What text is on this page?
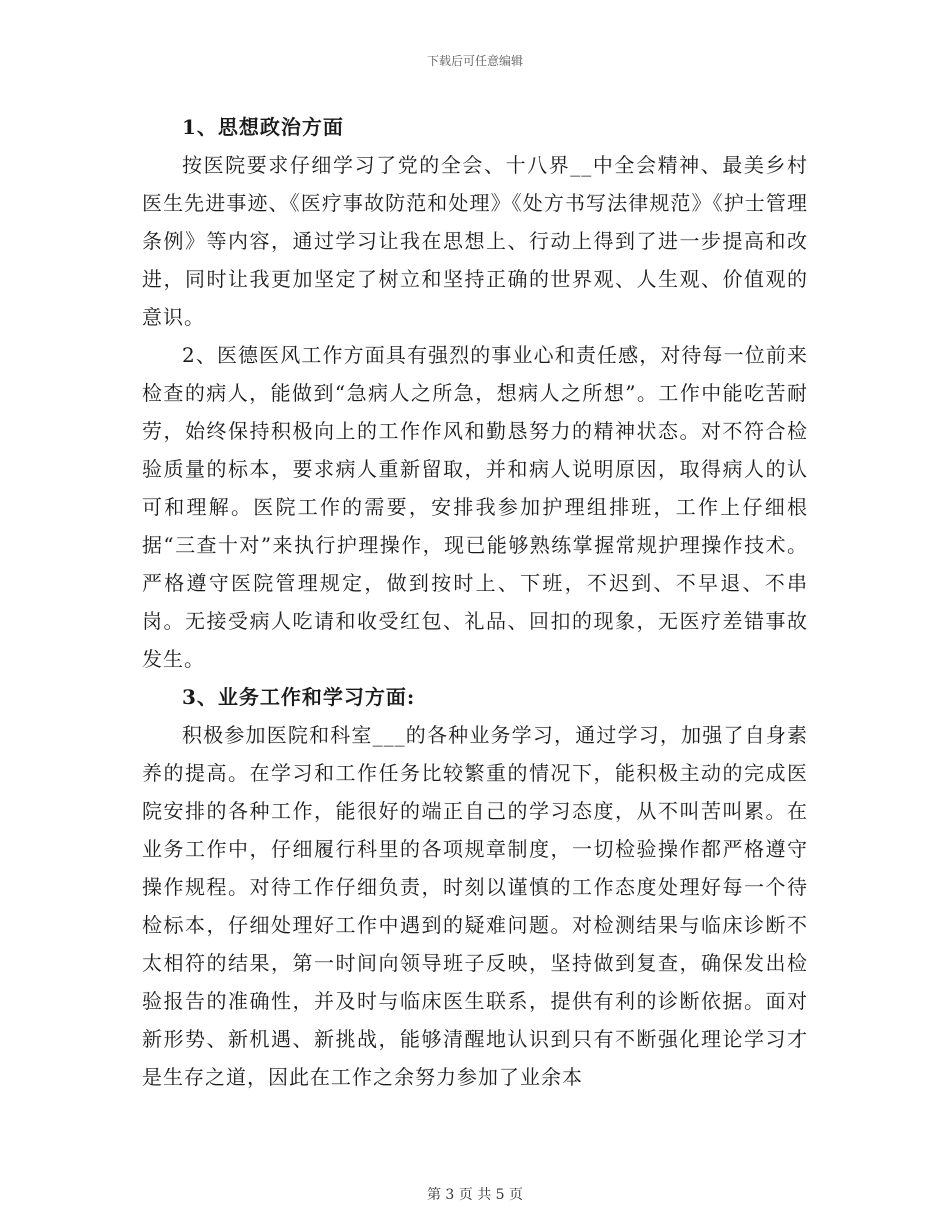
下载后可任意编辑
1、思想政治方面

按医院要求仔细学习了党的全会、十八界__中全会精神、最美乡村医生先进事迹、《医疗事故防范和处理》《处方书写法律规范》《护士管理条例》等内容，通过学习让我在思想上、行动上得到了进一步提高和改进，同时让我更加坚定了树立和坚持正确的世界观、人生观、价值观的意识。

2、医德医风工作方面具有强烈的事业心和责任感，对待每一位前来检查的病人，能做到“急病人之所急，想病人之所想”。工作中能吃苦耐劳，始终保持积极向上的工作作风和勤恳努力的精神状态。对不符合检验质量的标本，要求病人重新留取，并和病人说明原因，取得病人的认可和理解。医院工作的需要，安排我参加护理组排班，工作上仔细根据“三查十对”来执行护理操作，现已能够熟练掌握常规护理操作技术。严格遵守医院管理规定，做到按时上、下班，不迟到、不早退、不串岗。无接受病人吃请和收受红包、礼品、回扣的现象，无医疗差错事故发生。

3、业务工作和学习方面:

积极参加医院和科室___的各种业务学习，通过学习，加强了自身素养的提高。在学习和工作任务比较繁重的情况下，能积极主动的完成医院安排的各种工作，能很好的端正自己的学习态度，从不叫苦叫累。在业务工作中，仔细履行科里的各项规章制度，一切检验操作都严格遵守操作规程。对待工作仔细负责，时刻以谨慎的工作态度处理好每一个待检标本，仔细处理好工作中遇到的疑难问题。对检测结果与临床诊断不太相符的结果，第一时间向领导班子反映，坚持做到复查，确保发出检验报告的准确性，并及时与临床医生联系，提供有利的诊断依据。面对新形势、新机遇、新挑战，能够清醒地认识到只有不断强化理论学习才是生存之道，因此在工作之余努力参加了业余本

第 3 页 共 5 页
